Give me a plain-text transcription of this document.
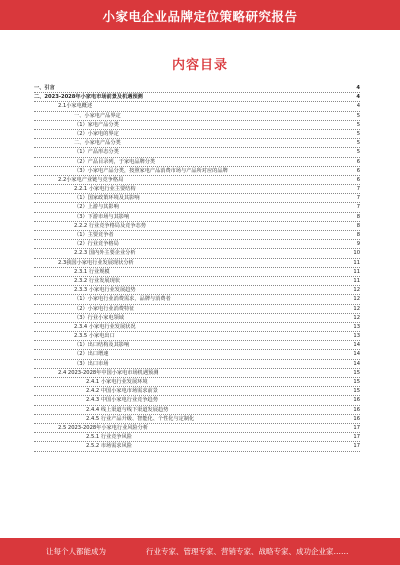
小家电企业品牌定位策略研究报告
内容目录
一、引言	4
二、2023-2028年小家电市场前景及机遇预测	4
2.1小家电概述	4
一、小家电产品界定	5
（1）家电产品分类	5
（2）小家电的界定	5
二、小家电产品分类	5
（1）产品形态分类	5
（2）产品目录列，于家电品牌分类	6
（3）小家电产品分类，按照家电产品消费市场与产品所对应的品牌	6
2.2小家电产业链与竞争格局	6
2.2.1 小家电行业主要结构	7
（1）国家政策环境及其影响	7
（2）上游与其影响	7
（3）下游市场与其影响	8
2.2.2 行业竞争格局及竞争态势	8
（1）主要竞争者	8
（2）行业竞争格局	9
2.2.3 国内外主要企业分析	10
2.3我国小家电行业发展现状分析	11
2.3.1 行业规模	11
2.3.2 行业发展现状	11
2.3.3 小家电行业发展趋势	12
（1）小家电行业消费需求，品牌与消费者	12
（2）小家电行业消费特征	12
（3）行业小家电领域	12
2.3.4 小家电行业发展状况	13
2.3.5 小家电出口	13
（1）出口结构及其影响	14
（2）出口增速	14
（3）出口市场	14
2.4 2023-2028年中国小家电市场机遇预测	15
2.4.1 小家电行业发展环境	15
2.4.2 中国小家电市场需求前景	15
2.4.3 中国小家电行业竞争趋势	16
2.4.4 线上渠道与线下渠道发展趋势	16
2.4.5 行业产品升级、智能化、个性化与定制化	16
2.5 2023-2028年小家电行业风险分析	17
2.5.1 行业竞争风险	17
2.5.2 市场需求风险	17
让每个人都能成为	行业专家、管理专家、营销专家、战略专家、成功企业家……
